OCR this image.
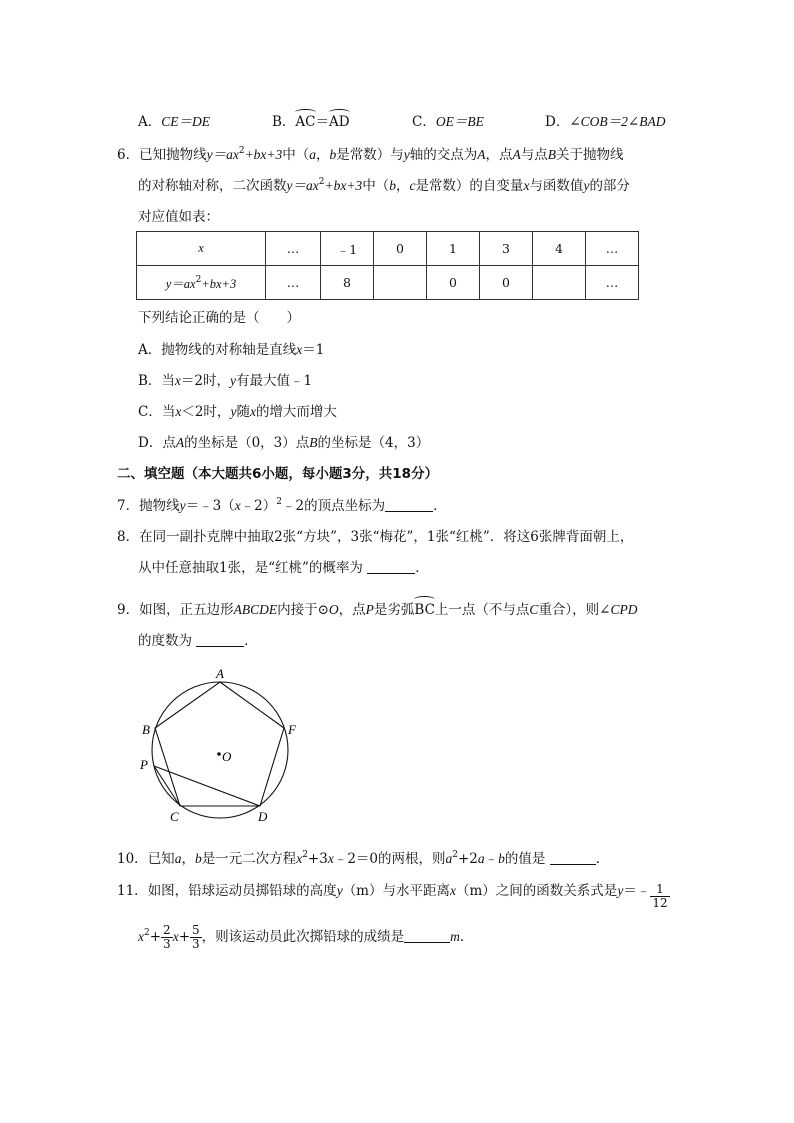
A．CE＝DE	B．AC＝AD	C．OE＝BE	D．∠COB＝2∠BAD
6．已知抛物线$y=ax^2+bx+3$中（a，b是常数）与y轴的交点为A，点A与点B关于抛物线
的对称轴对称，二次函数$y=ax^2+bx+3$中（b，c是常数）的自变量x与函数值y的部分
对应值如表：
x	…	﹣1	0	1	3	4	…
$y=ax^2+bx+3$	…	8		0	0		…
下列结论正确的是（　　）
A．抛物线的对称轴是直线x＝1
B．当x＝2时，y有最大值﹣1
C．当x＜2时，y随x的增大而增大
D．点A的坐标是（0，3）点B的坐标是（4，3）
二、填空题（本大题共6小题，每小题3分，共18分）
7．抛物线y＝﹣3（x﹣2）$^2$﹣2的顶点坐标为	．
8．在同一副扑克牌中抽取2张“方块”，3张“梅花”，1张“红桃”．将这6张牌背面朝上，
从中任意抽取1张，是“红桃”的概率为	．
9．如图，正五边形ABCDE内接于⊙O，点P是劣弧BC上一点（不与点C重合），则∠CPD
的度数为	．
A
B	F
P
C	D
O
10．已知a，b是一元二次方程$x^2+3x﹣2=0$的两根，则$a^2+2a﹣b$的值是	．
11．如图，铅球运动员掷铅球的高度y（m）与水平距离x（m）之间的函数关系式是y＝﹣ $\frac{1}{12}$
$x^2+ \frac{2}{3} x+ \frac{5}{3}$ ，则该运动员此次掷铅球的成绩是	m．
